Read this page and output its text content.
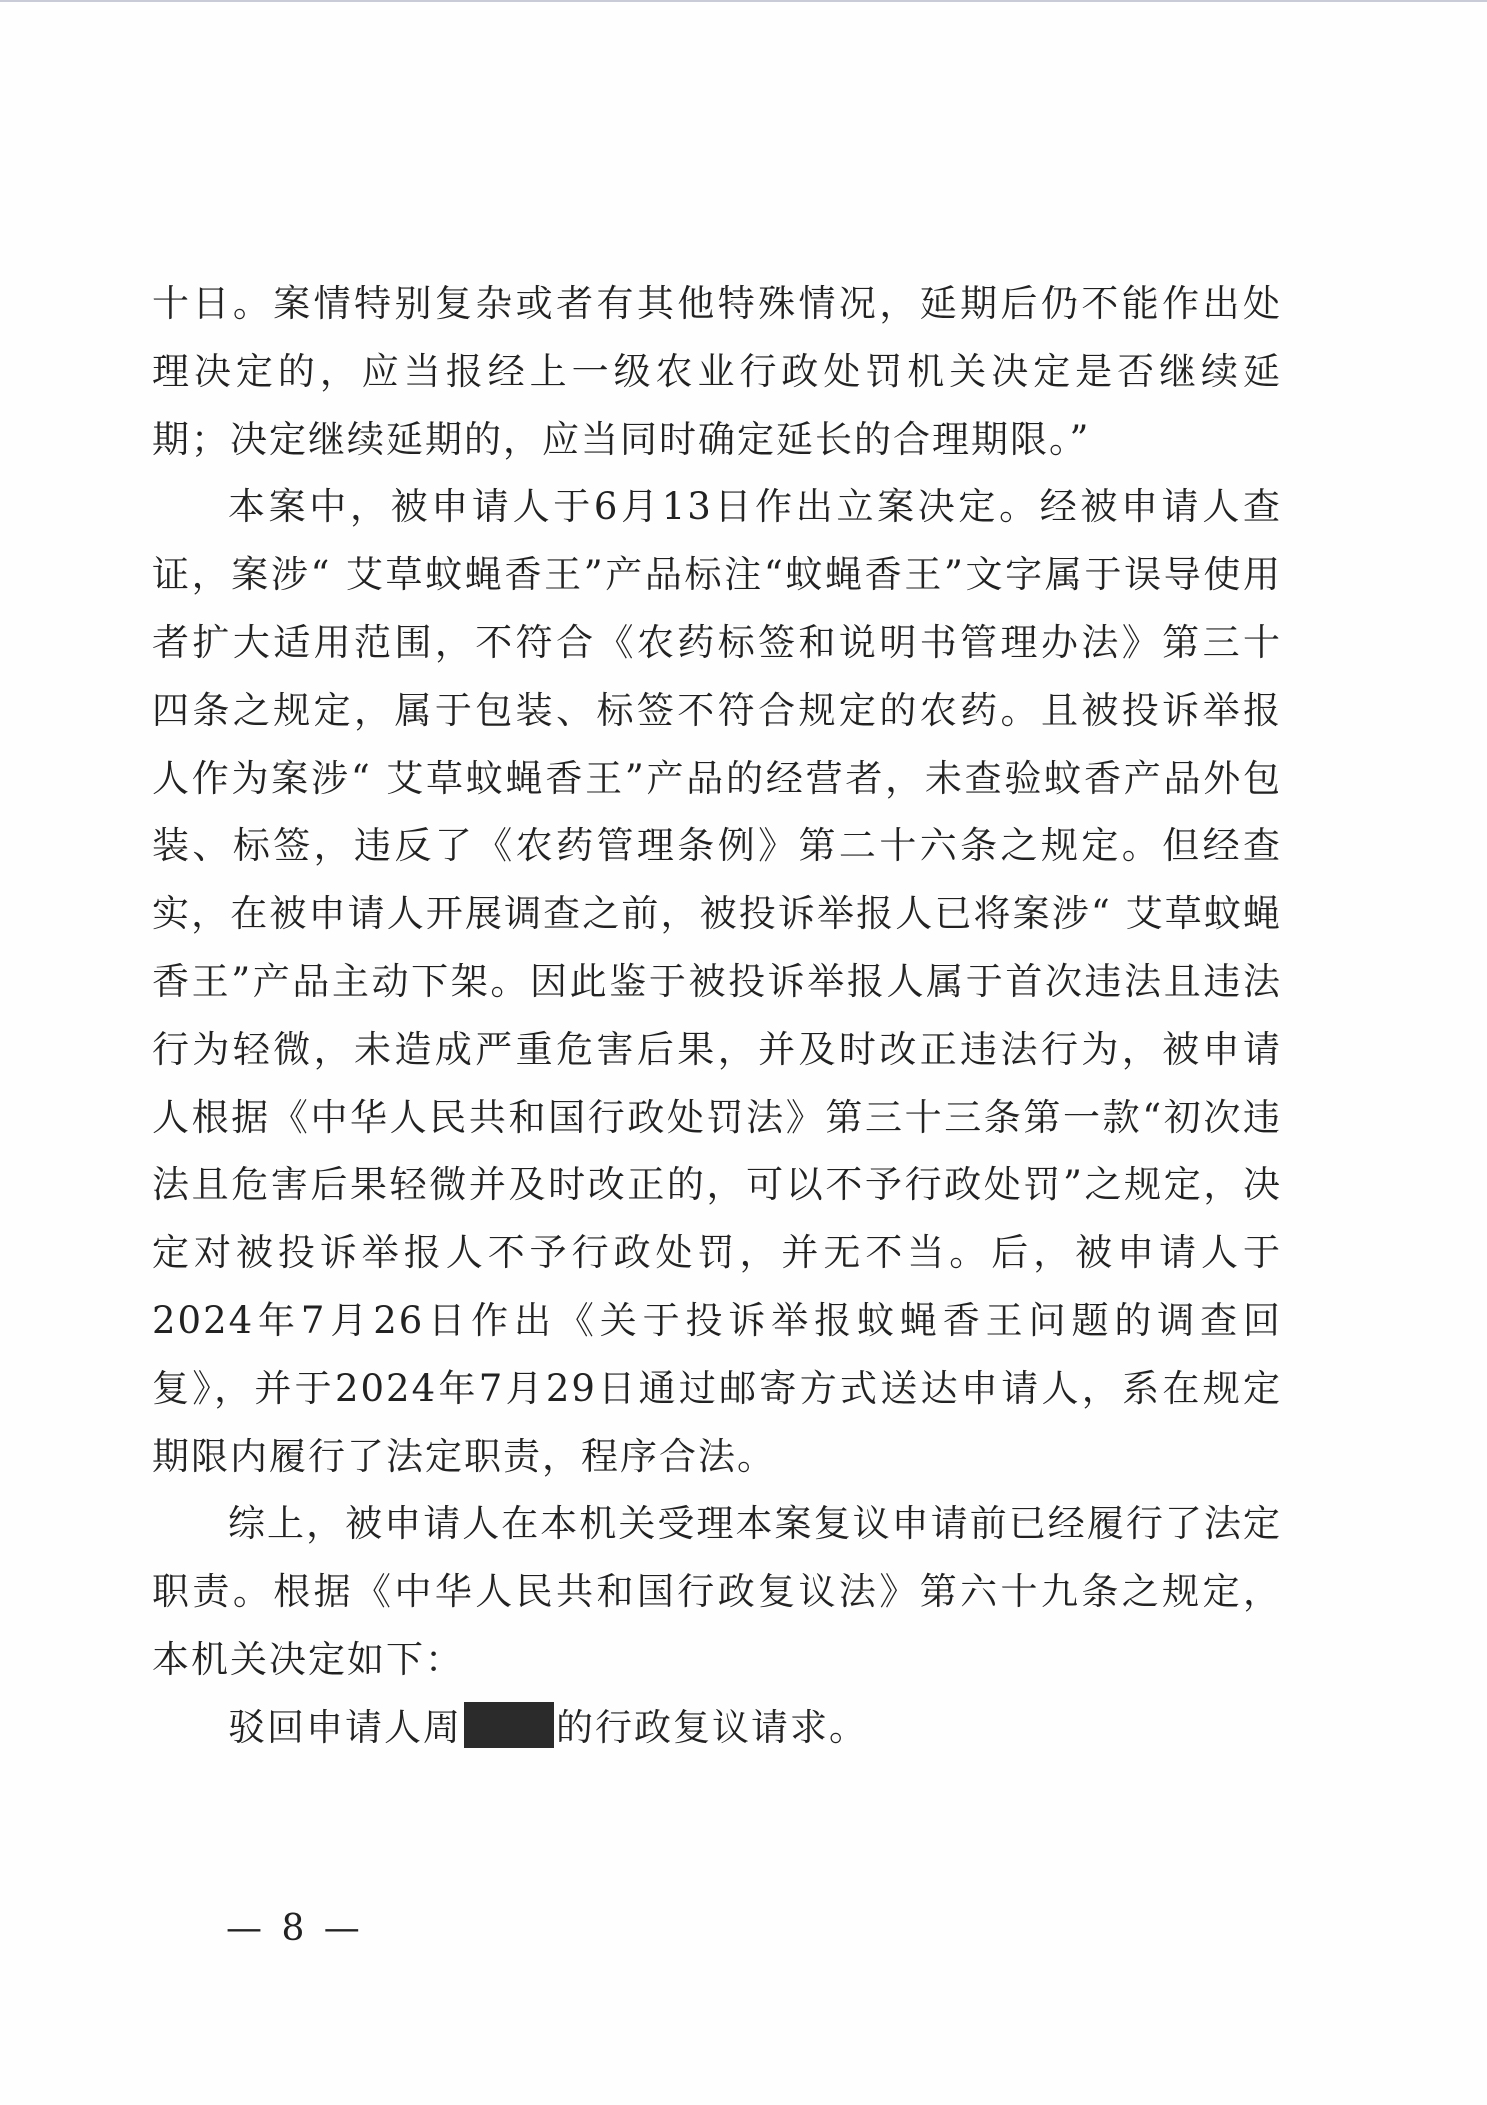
十日。案情特别复杂或者有其他特殊情况，延期后仍不能作出处理决定的，应当报经上一级农业行政处罚机关决定是否继续延期；决定继续延期的，应当同时确定延长的合理期限。”

本案中，被申请人于6月13日作出立案决定。经被申请人查证，案涉“ 艾草蚊蝇香王”产品标注“蚊蝇香王”文字属于误导使用者扩大适用范围，不符合《农药标签和说明书管理办法》第三十四条之规定，属于包装、标签不符合规定的农药。且被投诉举报人作为案涉“ 艾草蚊蝇香王”产品的经营者，未查验蚊香产品外包装、标签，违反了《农药管理条例》第二十六条之规定。但经查实，在被申请人开展调查之前，被投诉举报人已将案涉“ 艾草蚊蝇香王”产品主动下架。因此鉴于被投诉举报人属于首次违法且违法行为轻微，未造成严重危害后果，并及时改正违法行为，被申请人根据《中华人民共和国行政处罚法》第三十三条第一款“初次违法且危害后果轻微并及时改正的，可以不予行政处罚”之规定，决定对被投诉举报人不予行政处罚，并无不当。后，被申请人于2024年7月26日作出《关于投诉举报蚊蝇香王问题的调查回复》，并于2024年7月29日通过邮寄方式送达申请人，系在规定期限内履行了法定职责，程序合法。

综上，被申请人在本机关受理本案复议申请前已经履行了法定职责。根据《中华人民共和国行政复议法》第六十九条之规定，本机关决定如下：

驳回申请人周	的行政复议请求。

— 8 —
